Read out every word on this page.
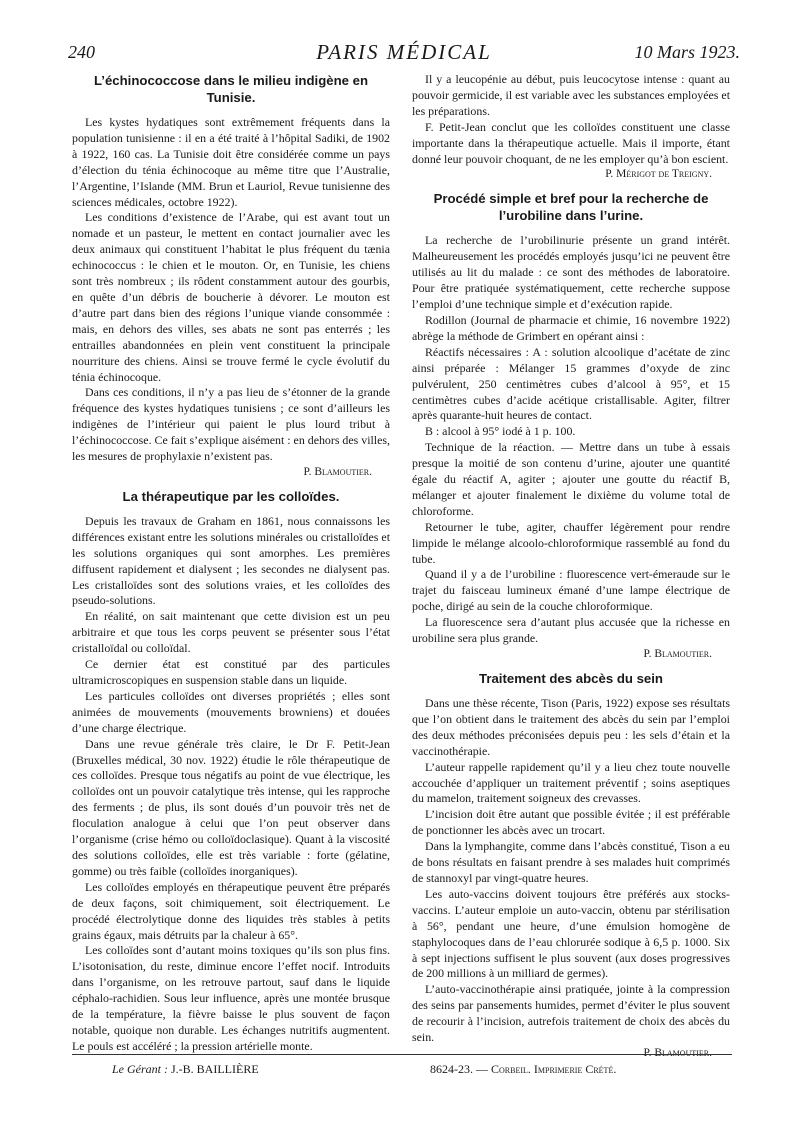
240	PARIS MÉDICAL	10 Mars 1923.
L’échinococcose dans le milieu indigène en Tunisie.

Les kystes hydatiques sont extrêmement fréquents dans la population tunisienne : il en a été traité à l’hôpital Sadiki, de 1902 à 1922, 160 cas. La Tunisie doit être considérée comme un pays d’élection du ténia échinocoque au même titre que l’Australie, l’Argentine, l’Islande (MM. Brun et Lauriol, Revue tunisienne des sciences médicales, octobre 1922).

Les conditions d’existence de l’Arabe, qui est avant tout un nomade et un pasteur, le mettent en contact journalier avec les deux animaux qui constituent l’habitat le plus fréquent du tænia echinococcus : le chien et le mouton. Or, en Tunisie, les chiens sont très nombreux ; ils rôdent constamment autour des gourbis, en quête d’un débris de boucherie à dévorer. Le mouton est d’autre part dans bien des régions l’unique viande consommée : mais, en dehors des villes, ses abats ne sont pas enterrés ; les entrailles abandonnées en plein vent constituent la principale nourriture des chiens. Ainsi se trouve fermé le cycle évolutif du ténia échinocoque.

Dans ces conditions, il n’y a pas lieu de s’étonner de la grande fréquence des kystes hydatiques tunisiens ; ce sont d’ailleurs les indigènes de l’intérieur qui paient le plus lourd tribut à l’échinococcose. Ce fait s’explique aisément : en dehors des villes, les mesures de prophylaxie n’existent pas.

P. Blamoutier.
La thérapeutique par les colloïdes.

Depuis les travaux de Graham en 1861, nous connaissons les différences existant entre les solutions minérales ou cristalloïdes et les solutions organiques qui sont amorphes. Les premières diffusent rapidement et dialysent ; les secondes ne dialysent pas. Les cristalloïdes sont des solutions vraies, et les colloïdes des pseudo-solutions.

En réalité, on sait maintenant que cette division est un peu arbitraire et que tous les corps peuvent se présenter sous l’état cristalloïdal ou colloïdal.

Ce dernier état est constitué par des particules ultramicroscopiques en suspension stable dans un liquide.

Les particules colloïdes ont diverses propriétés ; elles sont animées de mouvements (mouvements browniens) et douées d’une charge électrique.

Dans une revue générale très claire, le Dr F. Petit-Jean (Bruxelles médical, 30 nov. 1922) étudie le rôle thérapeutique de ces colloïdes. Presque tous négatifs au point de vue électrique, les colloïdes ont un pouvoir catalytique très intense, qui les rapproche des ferments ; de plus, ils sont doués d’un pouvoir très net de floculation analogue à celui que l’on peut observer dans l’organisme (crise hémo ou colloïdoclasique). Quant à la viscosité des solutions colloïdes, elle est très variable : forte (gélatine, gomme) ou très faible (colloïdes inorganiques).

Les colloïdes employés en thérapeutique peuvent être préparés de deux façons, soit chimiquement, soit électriquement. Le procédé électrolytique donne des liquides très stables à petits grains égaux, mais détruits par la chaleur à 65°.

Les colloïdes sont d’autant moins toxiques qu’ils son plus fins. L’isotonisation, du reste, diminue encore l’effet nocif. Introduits dans l’organisme, on les retrouve partout, sauf dans le liquide céphalo-rachidien. Sous leur influence, après une montée brusque de la température, la fièvre baisse le plus souvent de façon notable, quoique non durable. Les échanges nutritifs augmentent. Le pouls est accéléré ; la pression artérielle monte.

Il y a leucopénie au début, puis leucocytose intense : quant au pouvoir germicide, il est variable avec les substances employées et les préparations.

F. Petit-Jean conclut que les colloïdes constituent une classe importante dans la thérapeutique actuelle. Mais il importe, étant donné leur pouvoir choquant, de ne les employer qu’à bon escient.

P. Mérigot de Treigny.
Procédé simple et bref pour la recherche de l’urobiline dans l’urine.

La recherche de l’urobilinurie présente un grand intérêt. Malheureusement les procédés employés jusqu’ici ne peuvent être utilisés au lit du malade : ce sont des méthodes de laboratoire. Pour être pratiquée systématiquement, cette recherche suppose l’emploi d’une technique simple et d’exécution rapide.

Rodillon (Journal de pharmacie et chimie, 16 novembre 1922) abrège la méthode de Grimbert en opérant ainsi :

Réactifs nécessaires : A : solution alcoolique d’acétate de zinc ainsi préparée : Mélanger 15 grammes d’oxyde de zinc pulvérulent, 250 centimètres cubes d’alcool à 95°, et 15 centimètres cubes d’acide acétique cristallisable. Agiter, filtrer après quarante-huit heures de contact.

B : alcool à 95° iodé à 1 p. 100.

Technique de la réaction. — Mettre dans un tube à essais presque la moitié de son contenu d’urine, ajouter une quantité égale du réactif A, agiter ; ajouter une goutte du réactif B, mélanger et ajouter finalement le dixième du volume total de chloroforme.

Retourner le tube, agiter, chauffer légèrement pour rendre limpide le mélange alcoolo-chloroformique rassemblé au fond du tube.

Quand il y a de l’urobiline : fluorescence vert-émeraude sur le trajet du faisceau lumineux émané d’une lampe électrique de poche, dirigé au sein de la couche chloroformique.

La fluorescence sera d’autant plus accusée que la richesse en urobiline sera plus grande.

P. Blamoutier.
Traitement des abcès du sein

Dans une thèse récente, Tison (Paris, 1922) expose ses résultats que l’on obtient dans le traitement des abcès du sein par l’emploi des deux méthodes préconisées depuis peu : les sels d’étain et la vaccinothérapie.

L’auteur rappelle rapidement qu’il y a lieu chez toute nouvelle accouchée d’appliquer un traitement préventif ; soins aseptiques du mamelon, traitement soigneux des crevasses.

L’incision doit être autant que possible évitée ; il est préférable de ponctionner les abcès avec un trocart.

Dans la lymphangite, comme dans l’abcès constitué, Tison a eu de bons résultats en faisant prendre à ses malades huit comprimés de stannoxyl par vingt-quatre heures.

Les auto-vaccins doivent toujours être préférés aux stocks-vaccins. L’auteur emploie un auto-vaccin, obtenu par stérilisation à 56°, pendant une heure, d’une émulsion homogène de staphylocoques dans de l’eau chlorurée sodique à 6,5 p. 1000. Six à sept injections suffisent le plus souvent (aux doses progressives de 200 millions à un milliard de germes).

L’auto-vaccinothérapie ainsi pratiquée, jointe à la compression des seins par pansements humides, permet d’éviter le plus souvent de recourir à l’incision, autrefois traitement de choix des abcès du sein.

P. Blamoutier.
Le Gérant : J.-B. BAILLIÈRE	8624-23. — Corbeil. Imprimerie Crété.
